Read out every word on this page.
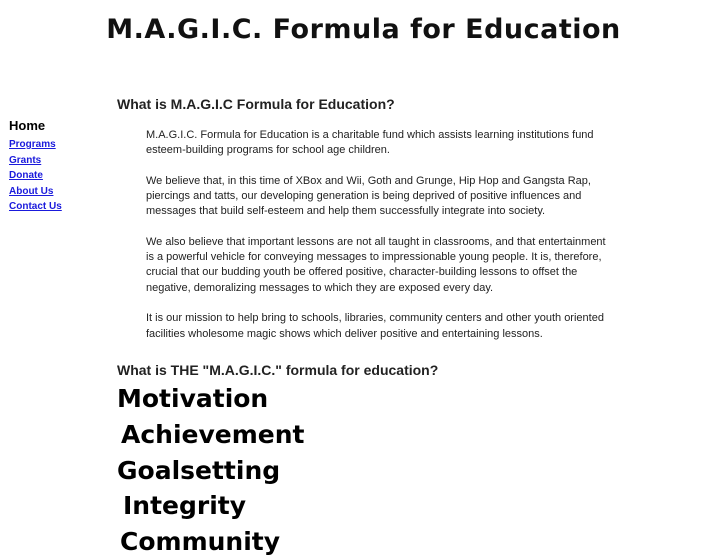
M.A.G.I.C. Formula for Education
Home
Programs
Grants
Donate
About Us
Contact Us
What is M.A.G.I.C Formula for Education?

M.A.G.I.C. Formula for Education is a charitable fund which assists learning institutions fund esteem-building programs for school age children.

We believe that, in this time of XBox and Wii, Goth and Grunge, Hip Hop and Gangsta Rap, piercings and tatts, our developing generation is being deprived of positive influences and messages that build self-esteem and help them successfully integrate into society.

We also believe that important lessons are not all taught in classrooms, and that entertainment is a powerful vehicle for conveying messages to impressionable young people. It is, therefore, crucial that our budding youth be offered positive, character-building lessons to offset the negative, demoralizing messages to which they are exposed every day.

It is our mission to help bring to schools, libraries, community centers and other youth oriented facilities wholesome magic shows which deliver positive and entertaining lessons.

What is THE "M.A.G.I.C." formula for education?
Motivation
Achievement
Goalsetting
Integrity
Community
